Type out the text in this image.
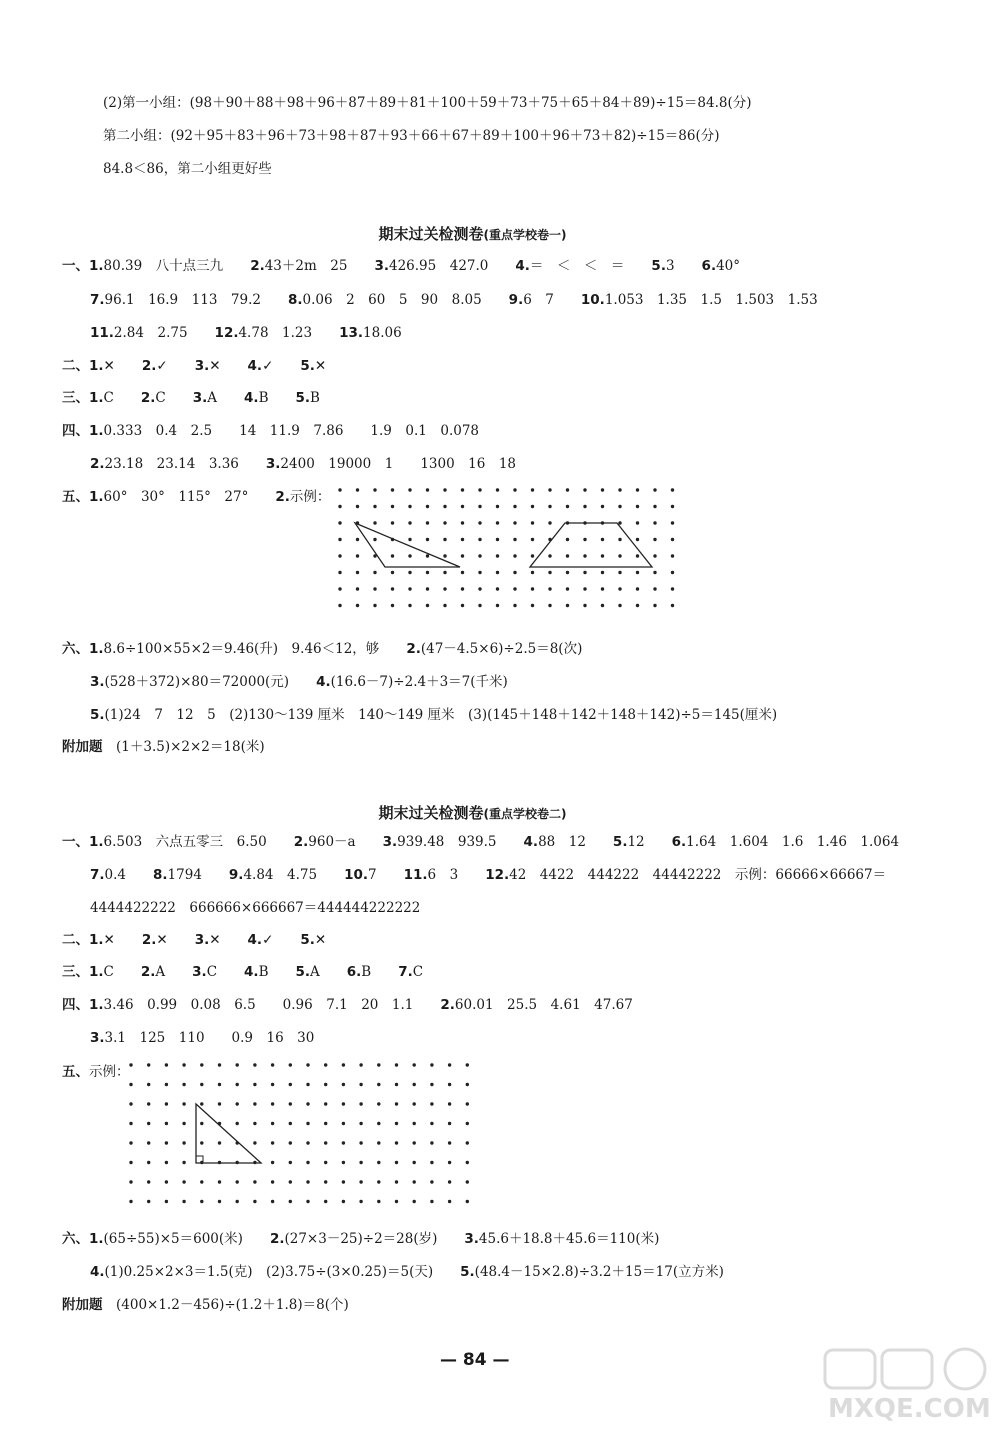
(2)第一小组：(98＋90＋88＋98＋96＋87＋89＋81＋100＋59＋73＋75＋65＋84＋89)÷15＝84.8(分)
第二小组：(92＋95＋83＋96＋73＋98＋87＋93＋66＋67＋89＋100＋96＋73＋82)÷15＝86(分)
84.8＜86，第二小组更好些

期末过关检测卷(重点学校卷一)

一、1.80.39　八十点三九　　2.43＋2m　25　　3.426.95　427.0　　4.＝　＜　＜　＝　　5.3　　6.40°
7.96.1　16.9　113　79.2　　8.0.06　2　60　5　90　8.05　　9.6　7　　10.1.053　1.35　1.5　1.503　1.53
11.2.84　2.75　　12.4.78　1.23　　13.18.06
二、1.✕　　2.✓　　3.✕　　4.✓　　5.✕
三、1.C　　2.C　　3.A　　4.B　　5.B
四、1.0.333　0.4　2.5　　14　11.9　7.86　　1.9　0.1　0.078
2.23.18　23.14　3.36　　3.2400　19000　1　　1300　16　18
五、1.60°　30°　115°　27°　　2.示例：
六、1.8.6÷100×55×2＝9.46(升)　9.46＜12，够　　2.(47－4.5×6)÷2.5＝8(次)
3.(528＋372)×80＝72000(元)　　4.(16.6－7)÷2.4＋3＝7(千米)
5.(1)24　7　12　5　(2)130～139 厘米　140～149 厘米　(3)(145＋148＋142＋148＋142)÷5＝145(厘米)
附加题　(1＋3.5)×2×2＝18(米)

期末过关检测卷(重点学校卷二)

一、1.6.503　六点五零三　6.50　　2.960－a　　3.939.48　939.5　　4.88　12　　5.12　　6.1.64　1.604　1.6　1.46　1.064
7.0.4　　8.1794　　9.4.84　4.75　　10.7　　11.6　3　　12.42　4422　444222　44442222　示例：66666×66667＝
4444422222　666666×666667＝444444222222
二、1.✕　　2.✕　　3.✕　　4.✓　　5.✕
三、1.C　　2.A　　3.C　　4.B　　5.A　　6.B　　7.C
四、1.3.46　0.99　0.08　6.5　　0.96　7.1　20　1.1　　2.60.01　25.5　4.61　47.67
3.3.1　125　110　　0.9　16　30
五、示例：
六、1.(65÷55)×5＝600(米)　　2.(27×3－25)÷2＝28(岁)　　3.45.6＋18.8＋45.6＝110(米)
4.(1)0.25×2×3＝1.5(克)　(2)3.75÷(3×0.25)＝5(天)　　5.(48.4－15×2.8)÷3.2＋15＝17(立方米)
附加题　(400×1.2－456)÷(1.2＋1.8)＝8(个)
— 84 —
MXQE.COM
